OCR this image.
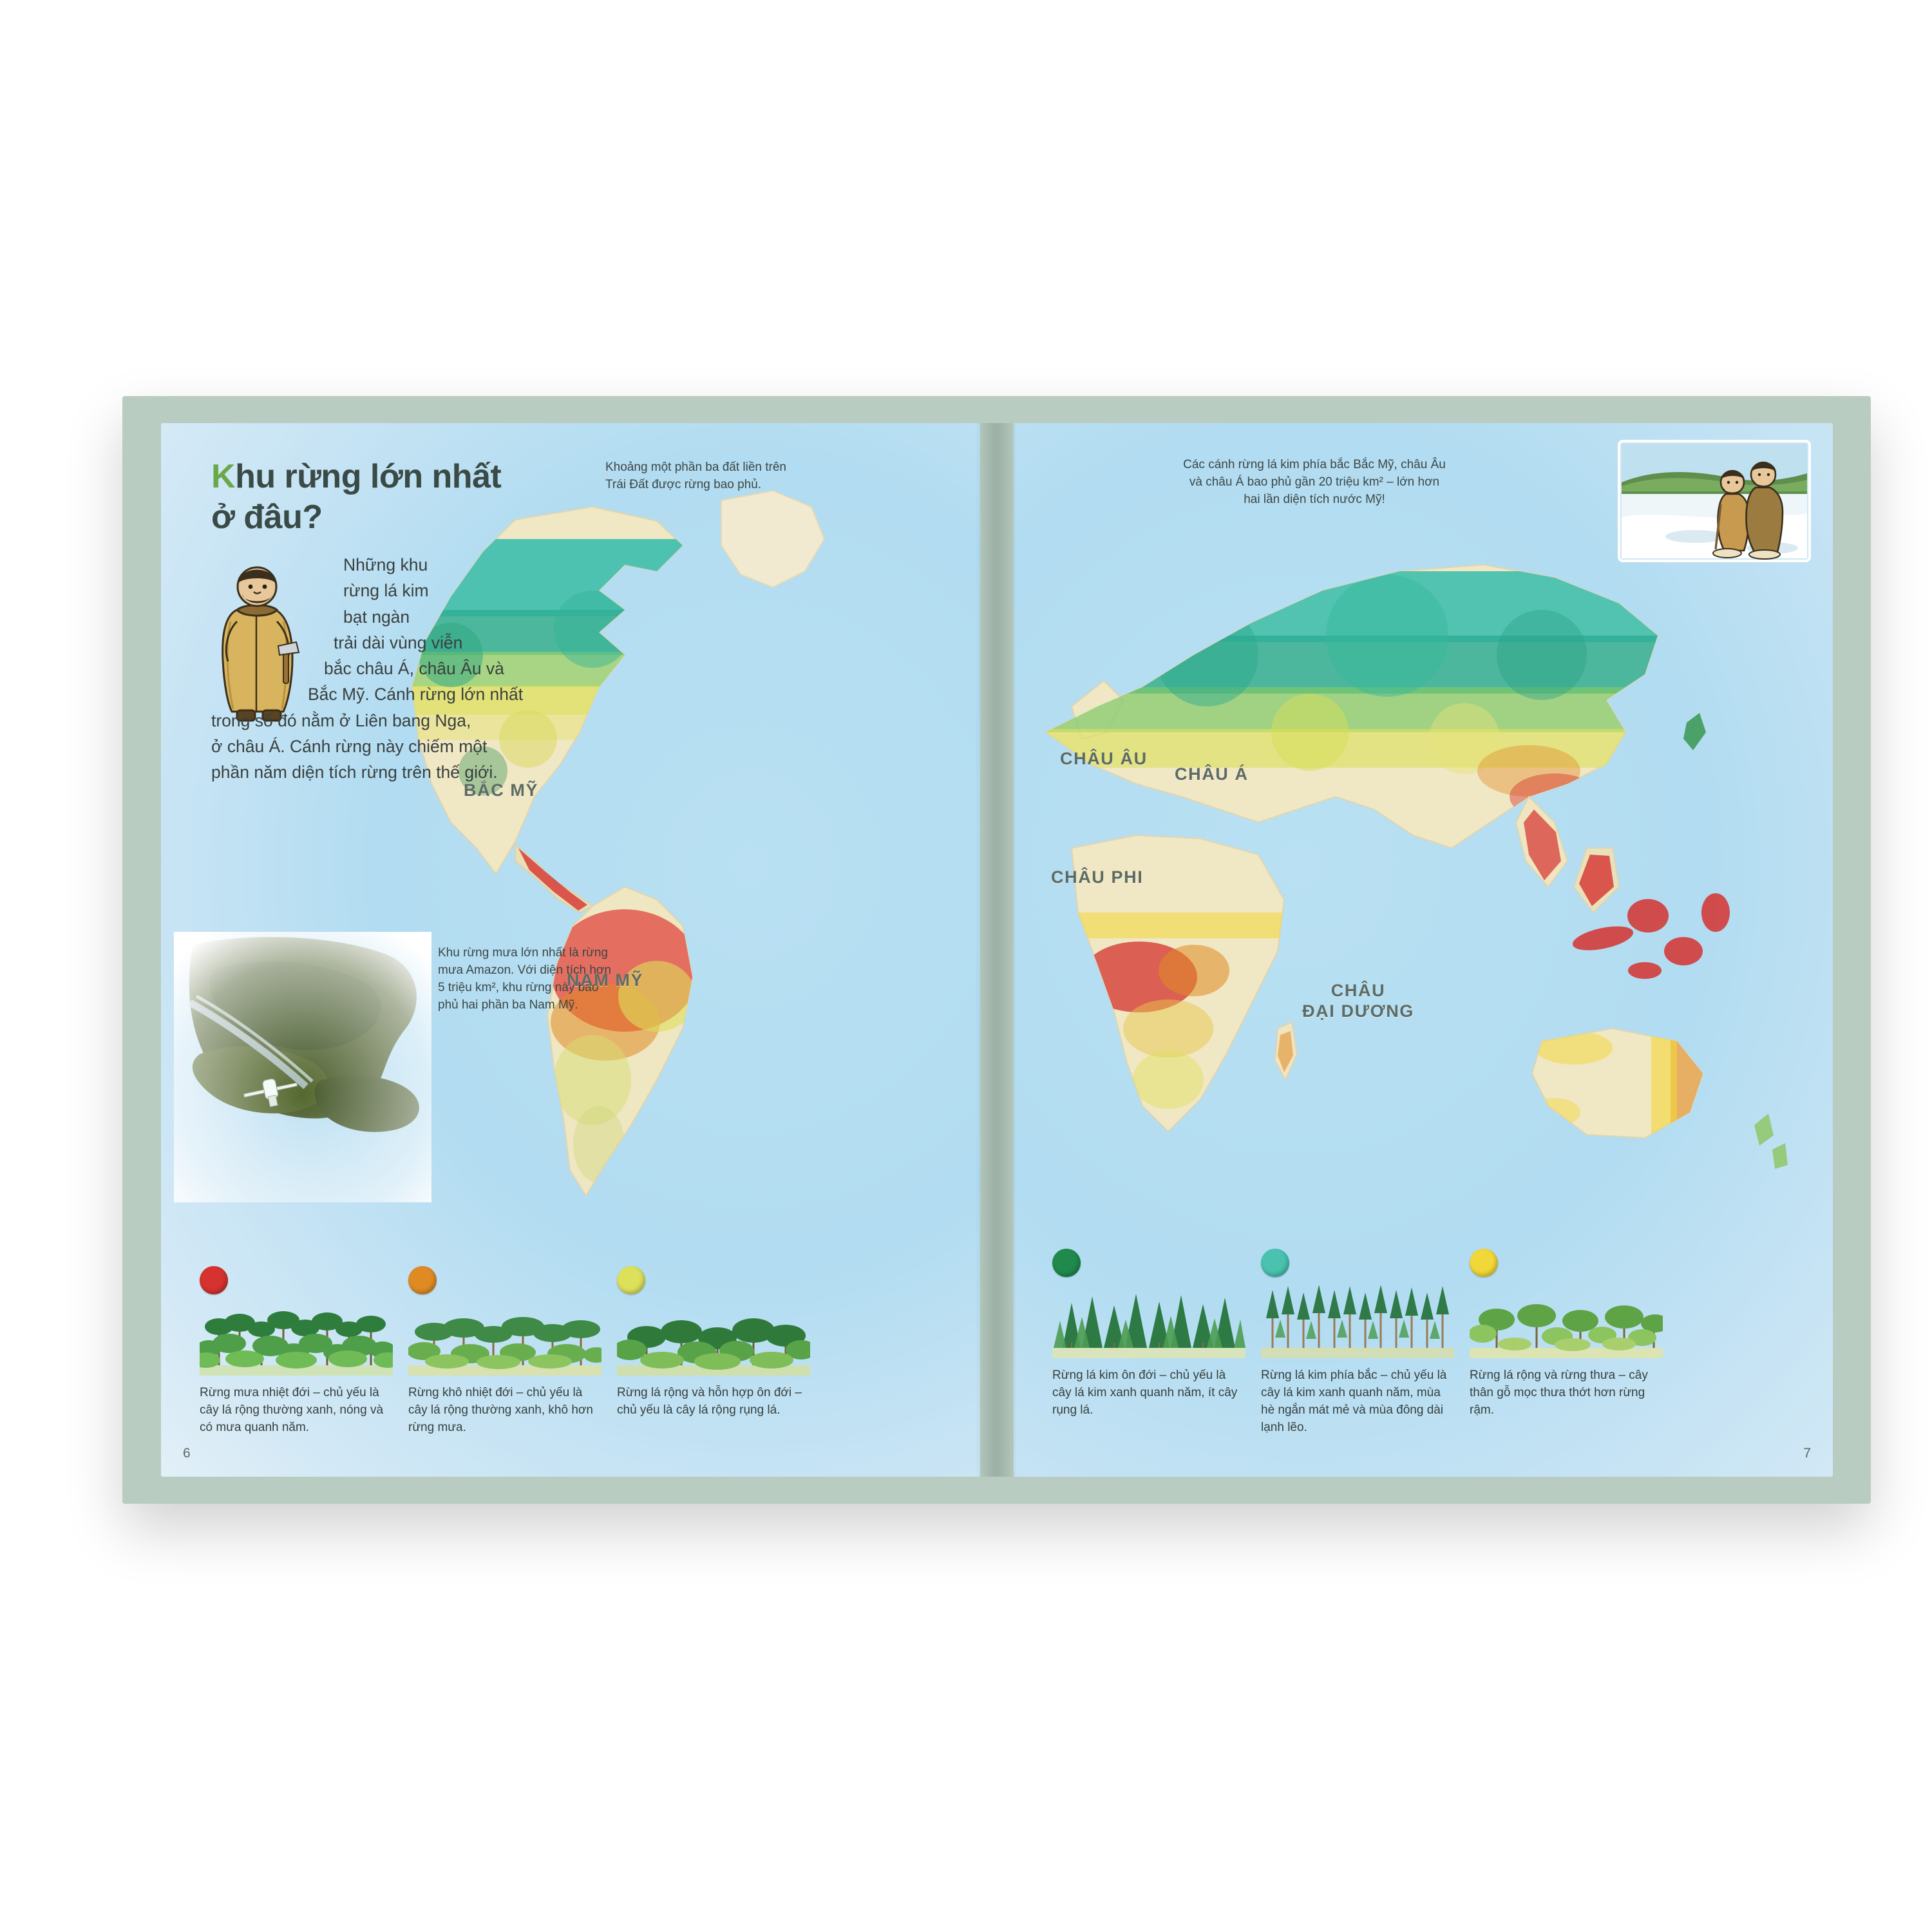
Khu rừng lớn nhất
ở đâu?

Những khu

rừng lá kim

bạt ngàn

trải dài vùng viễn

bắc châu Á, châu Âu và

Bắc Mỹ. Cánh rừng lớn nhất

trong số đó nằm ở Liên bang Nga,

ở châu Á. Cánh rừng này chiếm một

phần năm diện tích rừng trên thế giới.

Khoảng một phần ba đất liền trên Trái Đất được rừng bao phủ.
Khu rừng mưa lớn nhất là rừng mưa Amazon. Với diện tích hơn 5 triệu km², khu rừng này bao phủ hai phần ba Nam Mỹ.
BẮC MỸ
NAM MỸ
Rừng mưa nhiệt đới – chủ yếu là cây lá rộng thường xanh, nóng và có mưa quanh năm.
Rừng khô nhiệt đới – chủ yếu là cây lá rộng thường xanh, khô hơn rừng mưa.
Rừng lá rộng và hỗn hợp ôn đới – chủ yếu là cây lá rộng rụng lá.
6
Các cánh rừng lá kim phía bắc Bắc Mỹ, châu Âu và châu Á bao phủ gần 20 triệu km² – lớn hơn hai lần diện tích nước Mỹ!
CHÂU ÂU
CHÂU Á
CHÂU PHI
CHÂU
ĐẠI DƯƠNG
Rừng lá kim ôn đới – chủ yếu là cây lá kim xanh quanh năm, ít cây rụng lá.
Rừng lá kim phía bắc – chủ yếu là cây lá kim xanh quanh năm, mùa hè ngắn mát mẻ và mùa đông dài lạnh lẽo.
Rừng lá rộng và rừng thưa – cây thân gỗ mọc thưa thớt hơn rừng rậm.
7
